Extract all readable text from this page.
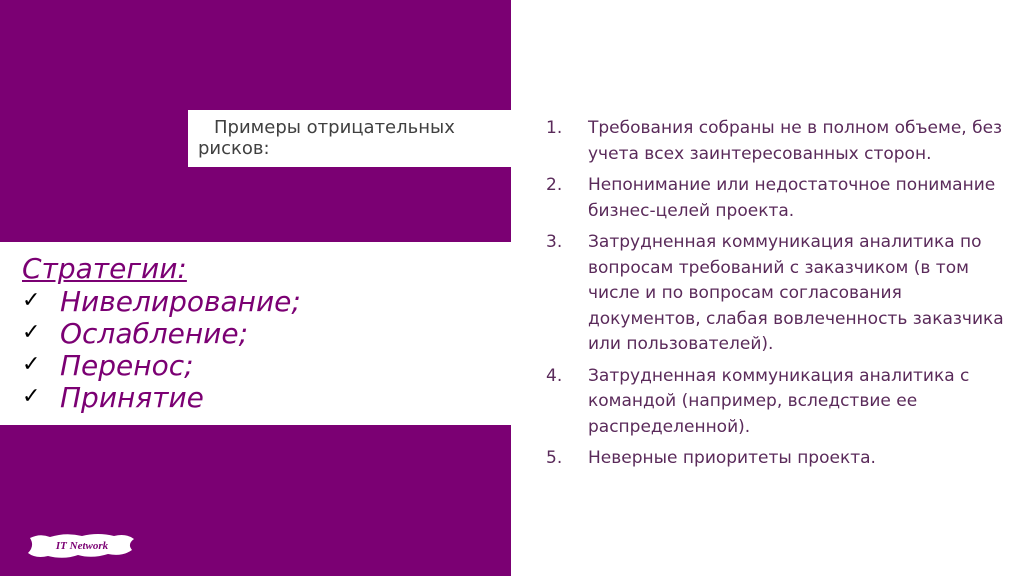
Примеры отрицательных рисков:
Стратегии:
✓ Нивелирование;
✓ Ослабление;
✓ Перенос;
✓ Принятие
IT Network
1.	Требования собраны не в полном объеме, без учета всех заинтересованных сторон.
2.	Непонимание или недостаточное понимание бизнес-целей проекта.
3.	Затрудненная коммуникация аналитика по вопросам требований с заказчиком (в том числе и по вопросам согласования документов, слабая вовлеченность заказчика или пользователей).
4.	Затрудненная коммуникация аналитика с командой (например, вследствие ее распределенной).
5.	Неверные приоритеты проекта.
